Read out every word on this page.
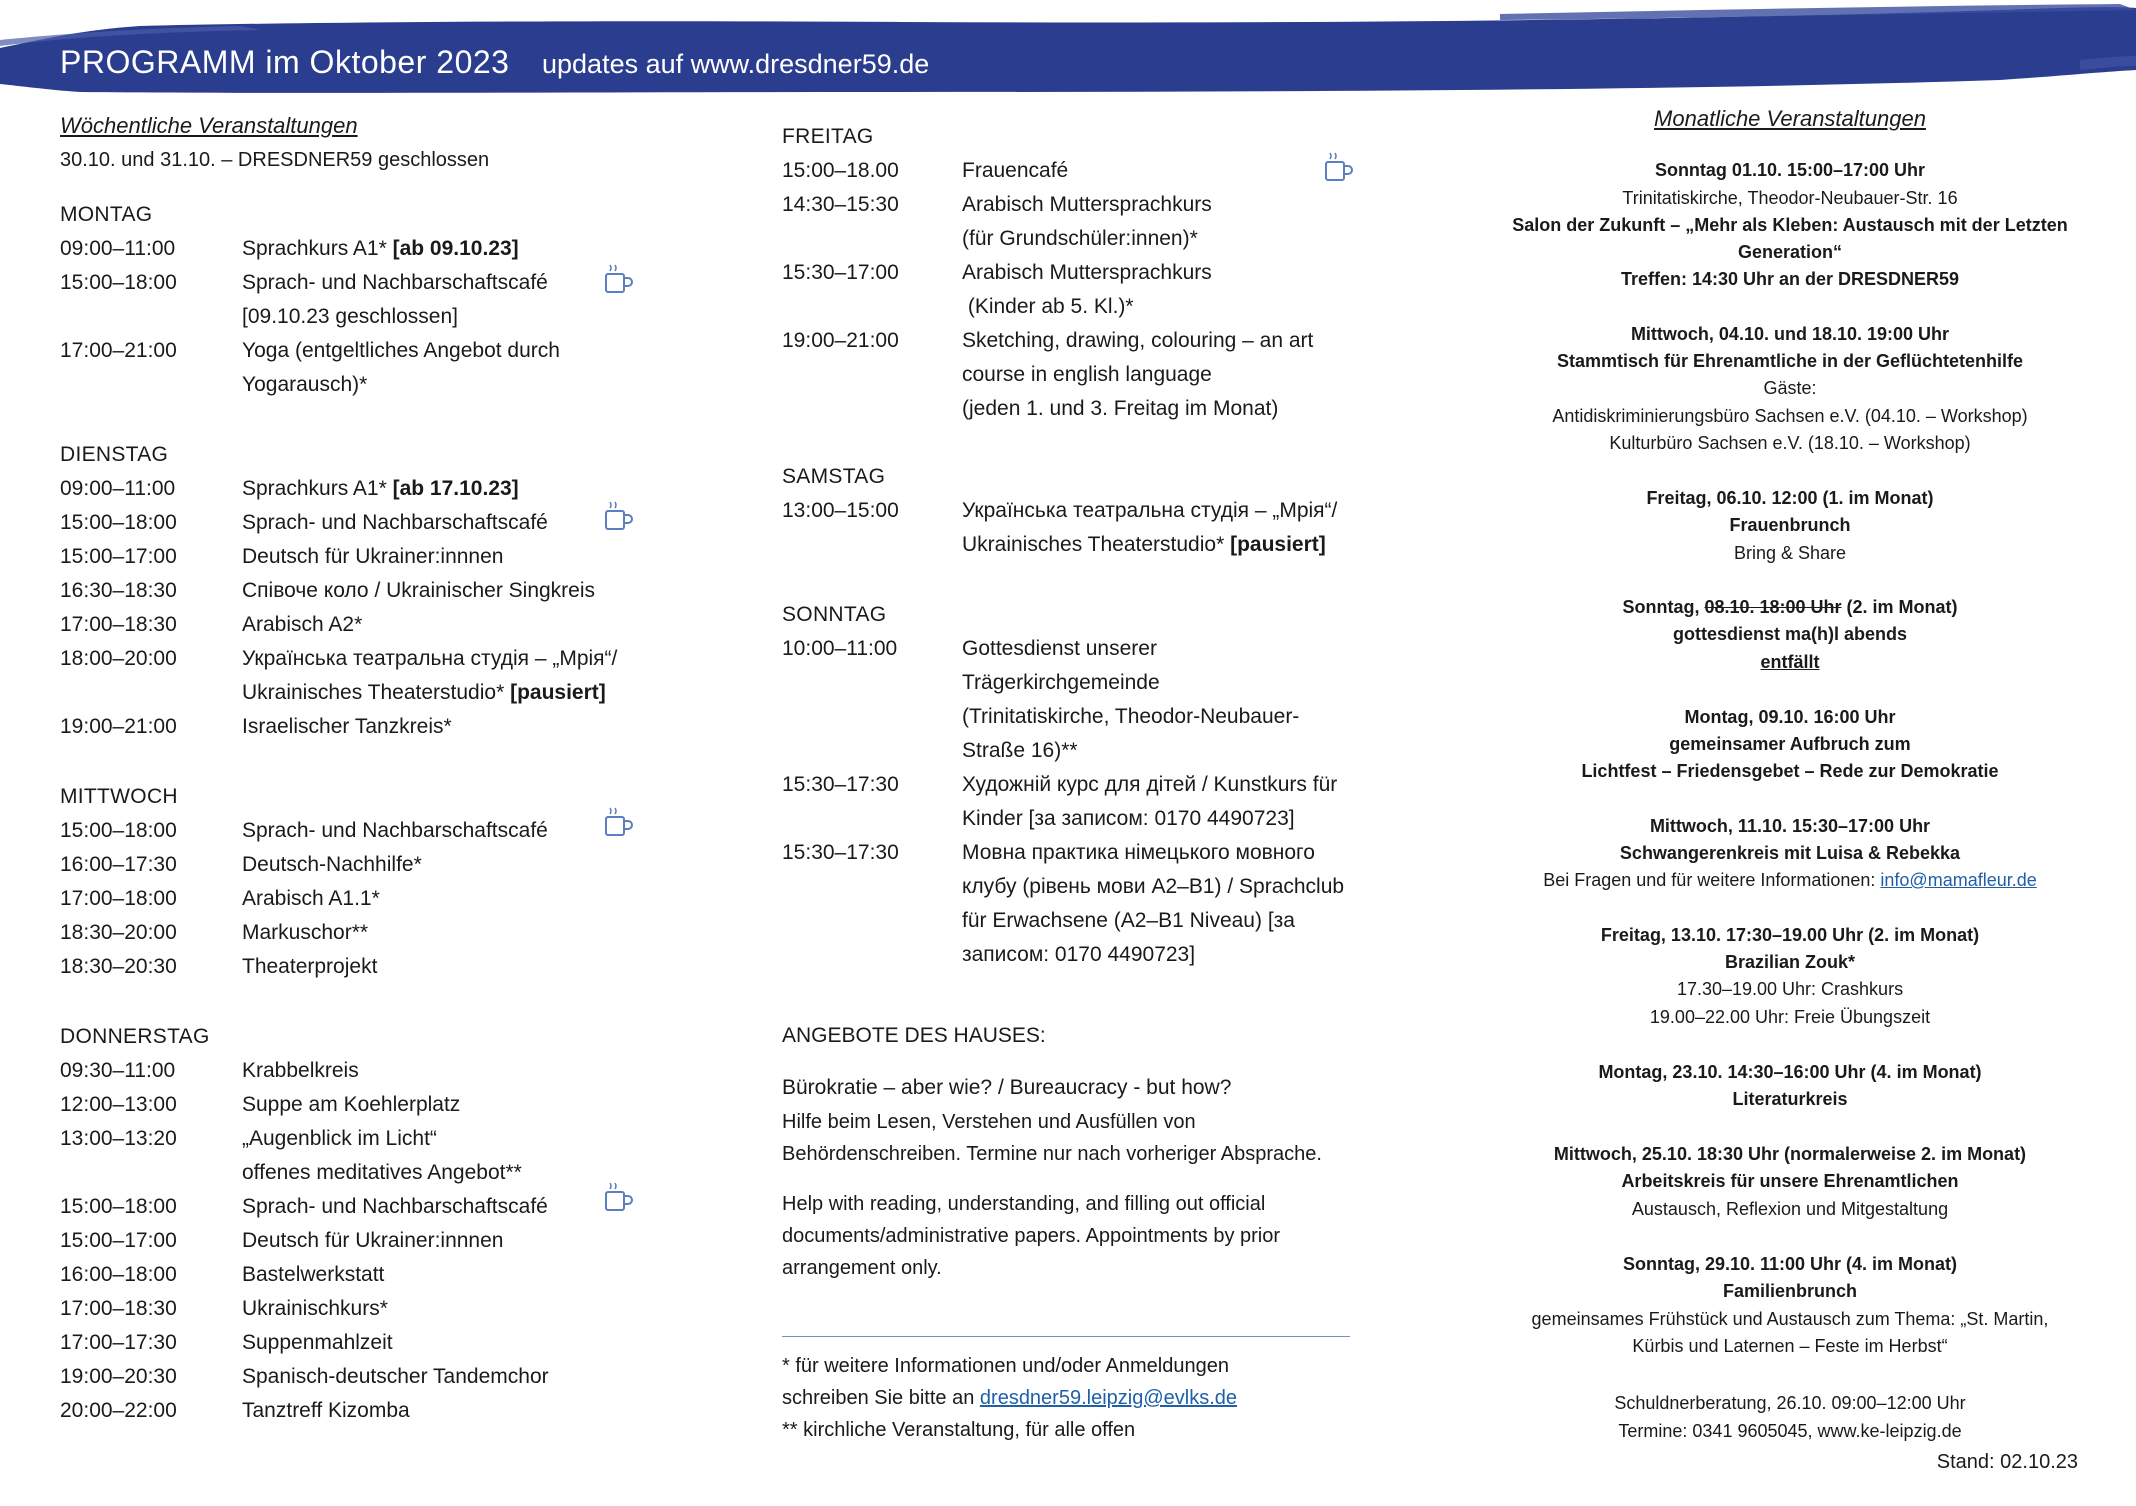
PROGRAMM im Oktober 2023 updates auf www.dresdner59.de
Wöchentliche Veranstaltungen
30.10. und 31.10. – DRESDNER59 geschlossen
MONTAG
09:00–11:00	Sprachkurs A1* [ab 09.10.23]
15:00–18:00	Sprach- und Nachbarschaftscafé
[09.10.23 geschlossen]
17:00–21:00	Yoga (entgeltliches Angebot durch
Yogarausch)*
DIENSTAG
09:00–11:00	Sprachkurs A1* [ab 17.10.23]
15:00–18:00	Sprach- und Nachbarschaftscafé
15:00–17:00	Deutsch für Ukrainer:innnen
16:30–18:30	Співоче коло / Ukrainischer Singkreis
17:00–18:30	Arabisch A2*
18:00–20:00	Українська театральна студія – „Мрія“/
Ukrainisches Theaterstudio* [pausiert]
19:00–21:00	Israelischer Tanzkreis*
MITTWOCH
15:00–18:00	Sprach- und Nachbarschaftscafé
16:00–17:30	Deutsch-Nachhilfe*
17:00–18:00	Arabisch A1.1*
18:30–20:00	Markuschor**
18:30–20:30	Theaterprojekt
DONNERSTAG
09:30–11:00	Krabbelkreis
12:00–13:00	Suppe am Koehlerplatz
13:00–13:20	„Augenblick im Licht“
offenes meditatives Angebot**
15:00–18:00	Sprach- und Nachbarschaftscafé
15:00–17:00	Deutsch für Ukrainer:innnen
16:00–18:00	Bastelwerkstatt
17:00–18:30	Ukrainischkurs*
17:00–17:30	Suppenmahlzeit
19:00–20:30	Spanisch-deutscher Tandemchor
20:00–22:00	Tanztreff Kizomba
FREITAG
15:00–18.00	Frauencafé
14:30–15:30	Arabisch Muttersprachkurs
(für Grundschüler:innen)*
15:30–17:00	Arabisch Muttersprachkurs
(Kinder ab 5. Kl.)*
19:00–21:00	Sketching, drawing, colouring – an art
course in english language
(jeden 1. und 3. Freitag im Monat)
SAMSTAG
13:00–15:00	Українська театральна студія – „Мрія“/
Ukrainisches Theaterstudio* [pausiert]
SONNTAG
10:00–11:00	Gottesdienst unserer
Trägerkirchgemeinde
(Trinitatiskirche, Theodor-Neubauer-
Straße 16)**
15:30–17:30	Художній курс для дітей / Kunstkurs für
Kinder [за записом: 0170 4490723]
15:30–17:30	Мовна практика німецького мовного
клубу (рівень мови А2–В1) / Sprachclub
für Erwachsene (A2–B1 Niveau) [за
записом: 0170 4490723]
ANGEBOTE DES HAUSES:
Bürokratie – aber wie? / Bureaucracy - but how?
Hilfe beim Lesen, Verstehen und Ausfüllen von
Behördenschreiben. Termine nur nach vorheriger Absprache.
Help with reading, understanding, and filling out official
documents/administrative papers. Appointments by prior
arrangement only.
* für weitere Informationen und/oder Anmeldungen
schreiben Sie bitte an dresdner59.leipzig@evlks.de
** kirchliche Veranstaltung, für alle offen
Monatliche Veranstaltungen
Sonntag 01.10. 15:00–17:00 Uhr
Trinitatiskirche, Theodor-Neubauer-Str. 16
Salon der Zukunft – „Mehr als Kleben: Austausch mit der Letzten
Generation“
Treffen: 14:30 Uhr an der DRESDNER59
Mittwoch, 04.10. und 18.10. 19:00 Uhr
Stammtisch für Ehrenamtliche in der Geflüchtetenhilfe
Gäste:
Antidiskriminierungsbüro Sachsen e.V. (04.10. – Workshop)
Kulturbüro Sachsen e.V. (18.10. – Workshop)
Freitag, 06.10. 12:00 (1. im Monat)
Frauenbrunch
Bring & Share
Sonntag, 08.10. 18:00 Uhr (2. im Monat)
gottesdienst ma(h)l abends
entfällt
Montag, 09.10. 16:00 Uhr
gemeinsamer Aufbruch zum
Lichtfest – Friedensgebet – Rede zur Demokratie
Mittwoch, 11.10. 15:30–17:00 Uhr
Schwangerenkreis mit Luisa & Rebekka
Bei Fragen und für weitere Informationen: info@mamafleur.de
Freitag, 13.10. 17:30–19.00 Uhr (2. im Monat)
Brazilian Zouk*
17.30–19.00 Uhr: Crashkurs
19.00–22.00 Uhr: Freie Übungszeit
Montag, 23.10. 14:30–16:00 Uhr (4. im Monat)
Literaturkreis
Mittwoch, 25.10. 18:30 Uhr (normalerweise 2. im Monat)
Arbeitskreis für unsere Ehrenamtlichen
Austausch, Reflexion und Mitgestaltung
Sonntag, 29.10. 11:00 Uhr (4. im Monat)
Familienbrunch
gemeinsames Frühstück und Austausch zum Thema: „St. Martin,
Kürbis und Laternen – Feste im Herbst“
Schuldnerberatung, 26.10. 09:00–12:00 Uhr
Termine: 0341 9605045, www.ke-leipzig.de
Stand: 02.10.23
